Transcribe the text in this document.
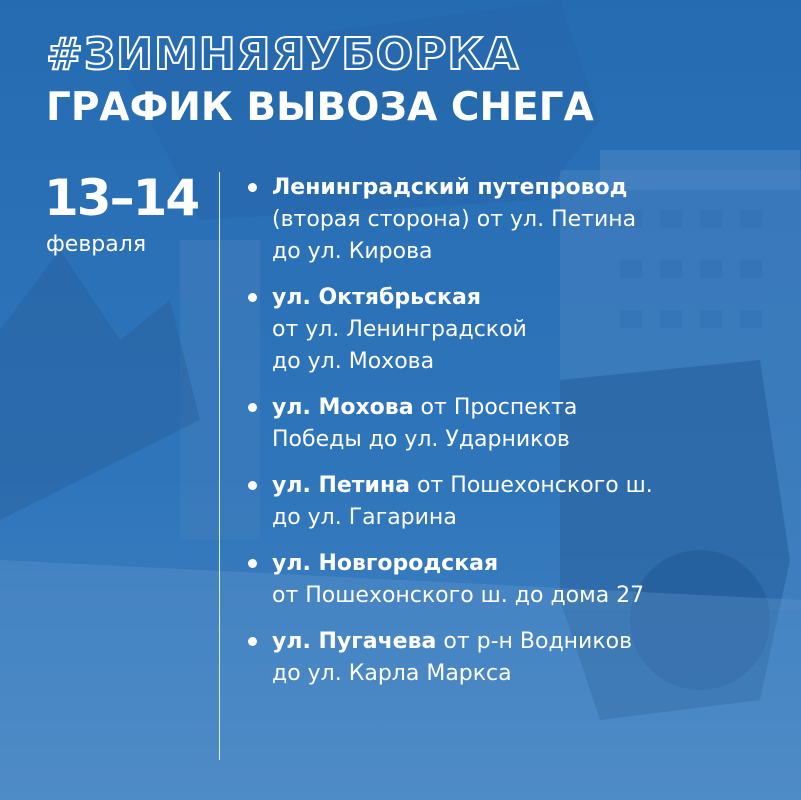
#ЗИМНЯЯУБОРКА
ГРАФИК ВЫВОЗА СНЕГА
13–14
февраля
Ленинградский путепровод
(вторая сторона) от ул. Петина
до ул. Кирова
ул. Октябрьская
от ул. Ленинградской
до ул. Мохова
ул. Мохова от Проспекта
Победы до ул. Ударников
ул. Петина от Пошехонского ш.
до ул. Гагарина
ул. Новгородская
от Пошехонского ш. до дома 27
ул. Пугачева от р-н Водников
до ул. Карла Маркса
